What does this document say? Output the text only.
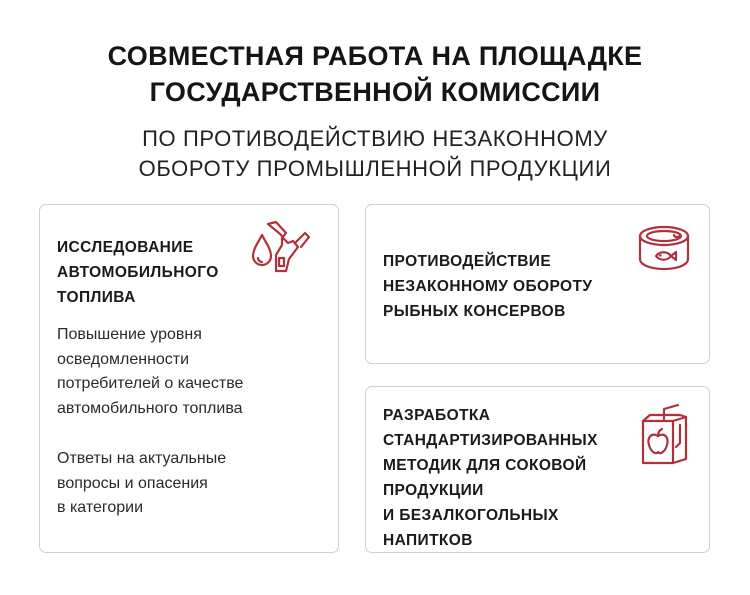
СОВМЕСТНАЯ РАБОТА НА ПЛОЩАДКЕ
ГОСУДАРСТВЕННОЙ КОМИССИИ
ПО ПРОТИВОДЕЙСТВИЮ НЕЗАКОННОМУ
ОБОРОТУ ПРОМЫШЛЕННОЙ ПРОДУКЦИИ
ИССЛЕДОВАНИЕ
АВТОМОБИЛЬНОГО
ТОПЛИВА
Повышение уровня
осведомленности
потребителей о качестве
автомобильного топлива
Ответы на актуальные
вопросы и опасения
в категории
ПРОТИВОДЕЙСТВИЕ
НЕЗАКОННОМУ ОБОРОТУ
РЫБНЫХ КОНСЕРВОВ
РАЗРАБОТКА
СТАНДАРТИЗИРОВАННЫХ
МЕТОДИК ДЛЯ СОКОВОЙ
ПРОДУКЦИИ
И БЕЗАЛКОГОЛЬНЫХ
НАПИТКОВ
